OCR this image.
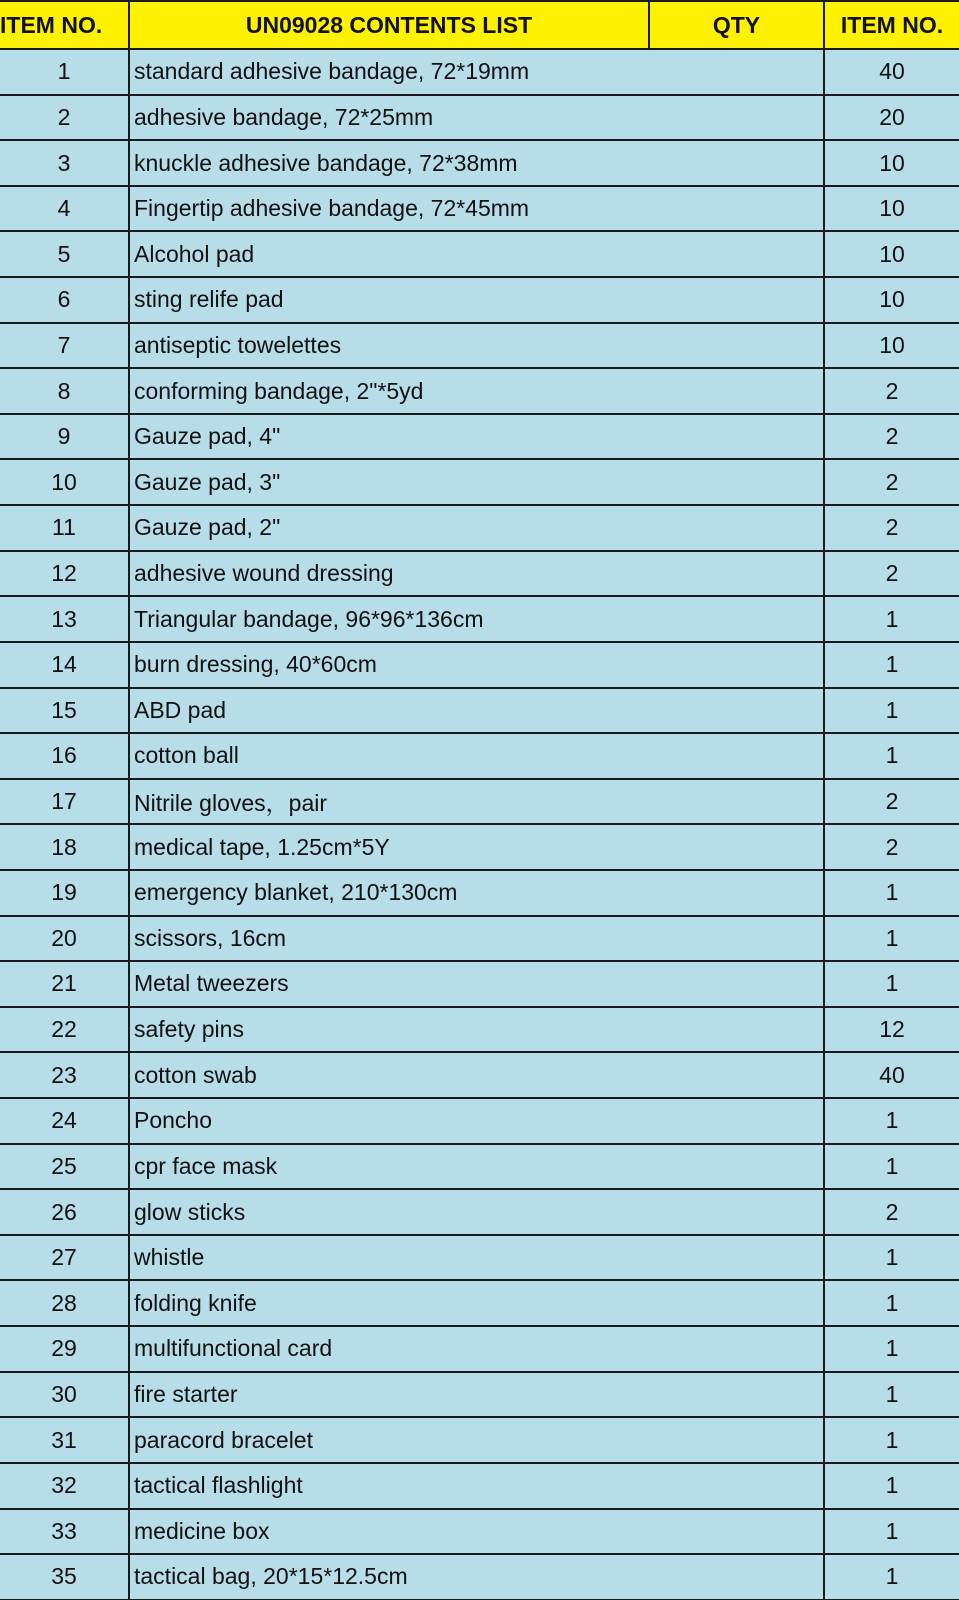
ITEM NO.	UN09028 CONTENTS LIST	QTY	ITEM NO.
1	standard adhesive bandage, 72*19mm	40
2	adhesive bandage, 72*25mm	20
3	knuckle adhesive bandage, 72*38mm	10
4	Fingertip adhesive bandage, 72*45mm	10
5	Alcohol pad	10
6	sting relife pad	10
7	antiseptic towelettes	10
8	conforming bandage, 2"*5yd	2
9	Gauze pad, 4"	2
10	Gauze pad, 3"	2
11	Gauze pad, 2"	2
12	adhesive wound dressing	2
13	Triangular bandage, 96*96*136cm	1
14	burn dressing, 40*60cm	1
15	ABD pad	1
16	cotton ball	1
17	Nitrile gloves，pair	2
18	medical tape, 1.25cm*5Y	2
19	emergency blanket, 210*130cm	1
20	scissors, 16cm	1
21	Metal tweezers	1
22	safety pins	12
23	cotton swab	40
24	Poncho	1
25	cpr face mask	1
26	glow sticks	2
27	whistle	1
28	folding knife	1
29	multifunctional card	1
30	fire starter	1
31	paracord bracelet	1
32	tactical flashlight	1
33	medicine box	1
35	tactical bag, 20*15*12.5cm	1
